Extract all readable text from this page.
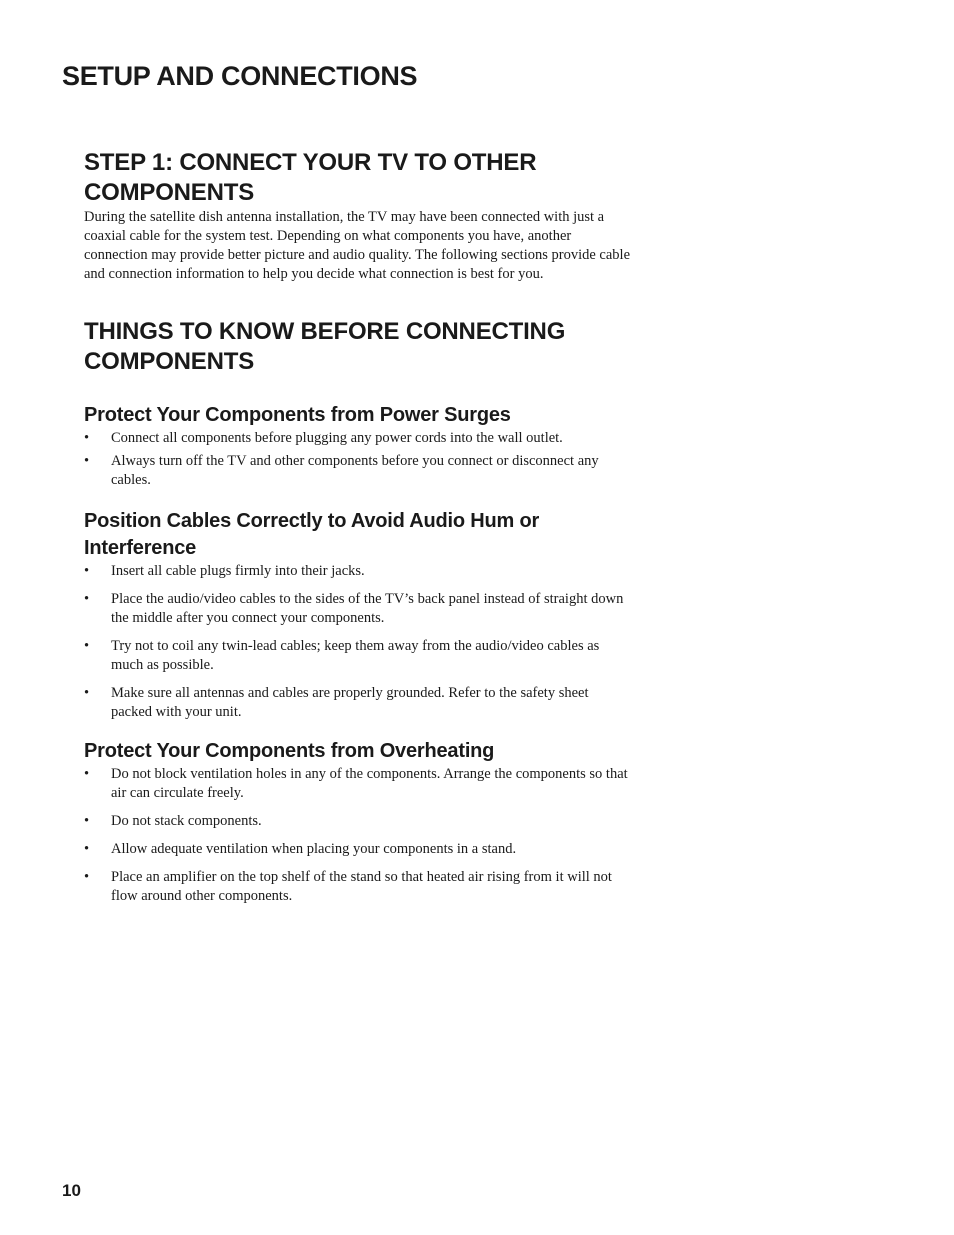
SETUP AND CONNECTIONS
STEP 1: CONNECT YOUR TV TO OTHER COMPONENTS

During the satellite dish antenna installation, the TV may have been connected with just a coaxial cable for the system test. Depending on what components you have, another connection may provide better picture and audio quality. The following sections provide cable and connection information to help you decide what connection is best for you.

THINGS TO KNOW BEFORE CONNECTING COMPONENTS
Protect Your Components from Power Surges
• Connect all components before plugging any power cords into the wall outlet.
• Always turn off the TV and other components before you connect or disconnect any cables.
Position Cables Correctly to Avoid Audio Hum or Interference
• Insert all cable plugs firmly into their jacks.
• Place the audio/video cables to the sides of the TV’s back panel instead of straight down the middle after you connect your components.
• Try not to coil any twin-lead cables; keep them away from the audio/video cables as much as possible.
• Make sure all antennas and cables are properly grounded. Refer to the safety sheet packed with your unit.
Protect Your Components from Overheating
• Do not block ventilation holes in any of the components. Arrange the components so that air can circulate freely.
• Do not stack components.
• Allow adequate ventilation when placing your components in a stand.
• Place an amplifier on the top shelf of the stand so that heated air rising from it will not flow around other components.
10
